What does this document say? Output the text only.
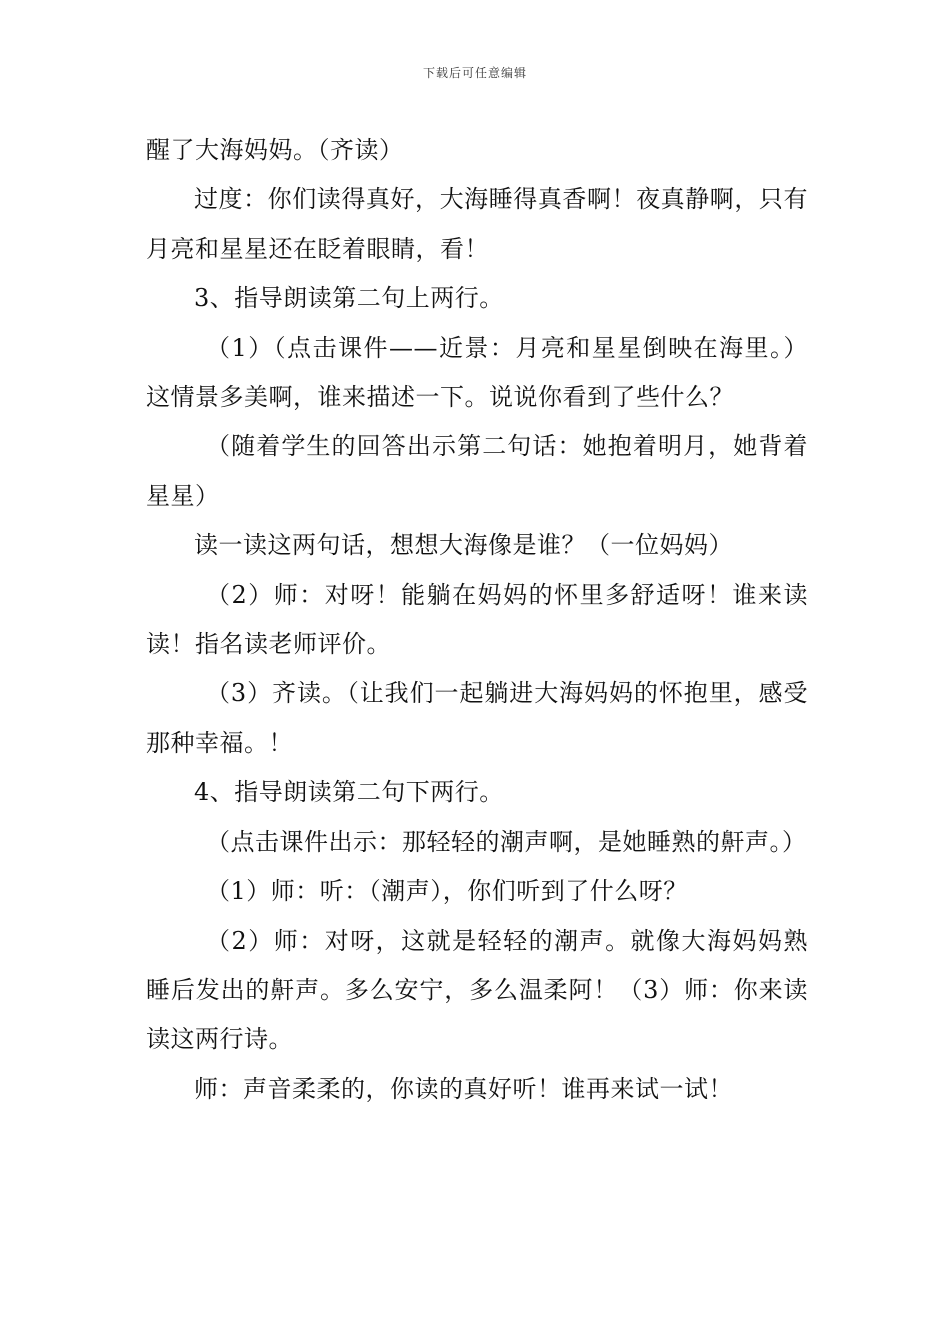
下载后可任意编辑

醒了大海妈妈。（齐读）

过度：你们读得真好，大海睡得真香啊！夜真静啊，只有月亮和星星还在眨着眼睛，看！

3、指导朗读第二句上两行。

（1）（点击课件——近景：月亮和星星倒映在海里。）这情景多美啊，谁来描述一下。说说你看到了些什么？

（随着学生的回答出示第二句话：她抱着明月，她背着星星）

读一读这两句话，想想大海像是谁？（一位妈妈）

（2）师：对呀！能躺在妈妈的怀里多舒适呀！谁来读读！指名读老师评价。

（3）齐读。（让我们一起躺进大海妈妈的怀抱里，感受那种幸福。！

4、指导朗读第二句下两行。

（点击课件出示：那轻轻的潮声啊，是她睡熟的鼾声。）

（1）师：听：（潮声），你们听到了什么呀？

（2）师：对呀，这就是轻轻的潮声。就像大海妈妈熟睡后发出的鼾声。多么安宁，多么温柔阿！（3）师：你来读读这两行诗。

师：声音柔柔的，你读的真好听！谁再来试一试！
